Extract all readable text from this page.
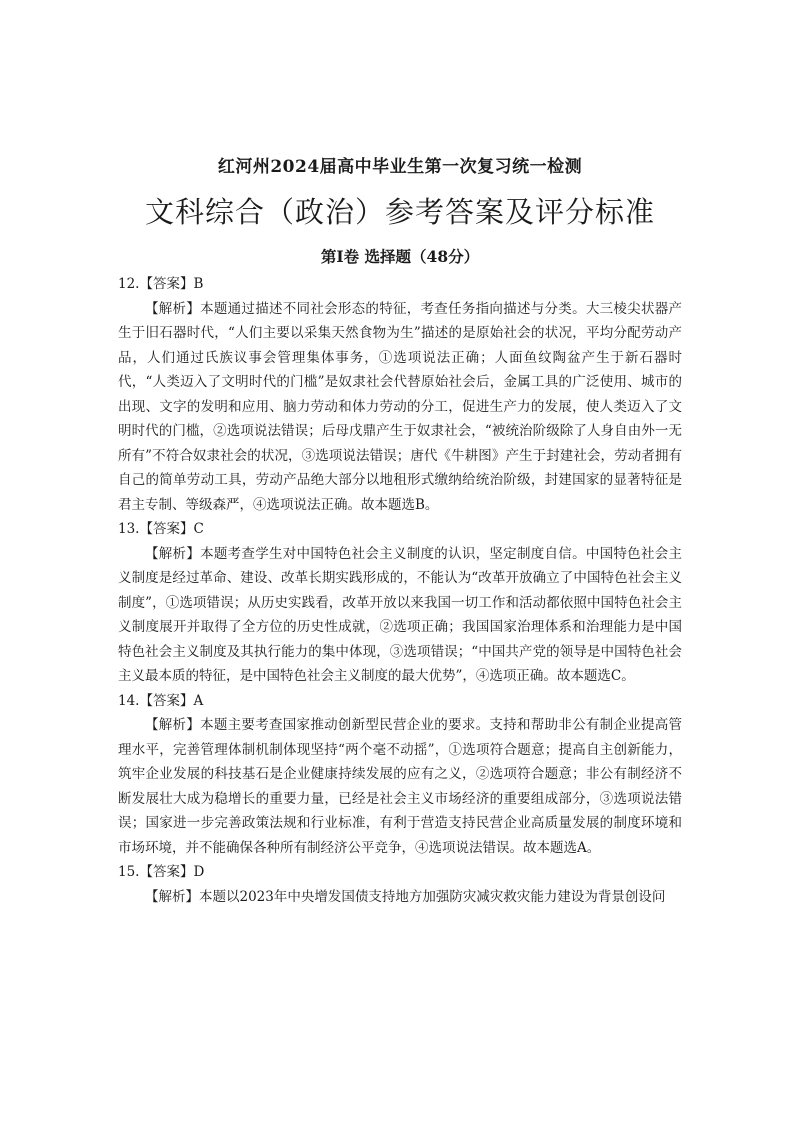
红河州2024届高中毕业生第一次复习统一检测
文科综合（政治）参考答案及评分标准
第Ⅰ卷 选择题（48分）

12.【答案】B

【解析】本题通过描述不同社会形态的特征，考查任务指向描述与分类。大三棱尖状器产生于旧石器时代，“人们主要以采集天然食物为生”描述的是原始社会的状况，平均分配劳动产品，人们通过氏族议事会管理集体事务，①选项说法正确；人面鱼纹陶盆产生于新石器时代，“人类迈入了文明时代的门槛”是奴隶社会代替原始社会后，金属工具的广泛使用、城市的出现、文字的发明和应用、脑力劳动和体力劳动的分工，促进生产力的发展，使人类迈入了文明时代的门槛，②选项说法错误；后母戊鼎产生于奴隶社会，“被统治阶级除了人身自由外一无所有”不符合奴隶社会的状况，③选项说法错误；唐代《牛耕图》产生于封建社会，劳动者拥有自己的简单劳动工具，劳动产品绝大部分以地租形式缴纳给统治阶级，封建国家的显著特征是君主专制、等级森严，④选项说法正确。故本题选B。

13.【答案】C

【解析】本题考查学生对中国特色社会主义制度的认识，坚定制度自信。中国特色社会主义制度是经过革命、建设、改革长期实践形成的，不能认为“改革开放确立了中国特色社会主义制度”，①选项错误；从历史实践看，改革开放以来我国一切工作和活动都依照中国特色社会主义制度展开并取得了全方位的历史性成就，②选项正确；我国国家治理体系和治理能力是中国特色社会主义制度及其执行能力的集中体现，③选项错误；“中国共产党的领导是中国特色社会主义最本质的特征，是中国特色社会主义制度的最大优势”，④选项正确。故本题选C。

14.【答案】A

【解析】本题主要考查国家推动创新型民营企业的要求。支持和帮助非公有制企业提高管理水平，完善管理体制机制体现坚持“两个毫不动摇”，①选项符合题意；提高自主创新能力，筑牢企业发展的科技基石是企业健康持续发展的应有之义，②选项符合题意；非公有制经济不断发展壮大成为稳增长的重要力量，已经是社会主义市场经济的重要组成部分，③选项说法错误；国家进一步完善政策法规和行业标准，有利于营造支持民营企业高质量发展的制度环境和市场环境，并不能确保各种所有制经济公平竞争，④选项说法错误。故本题选A。

15.【答案】D

【解析】本题以2023年中央增发国债支持地方加强防灾减灾救灾能力建设为背景创设问
